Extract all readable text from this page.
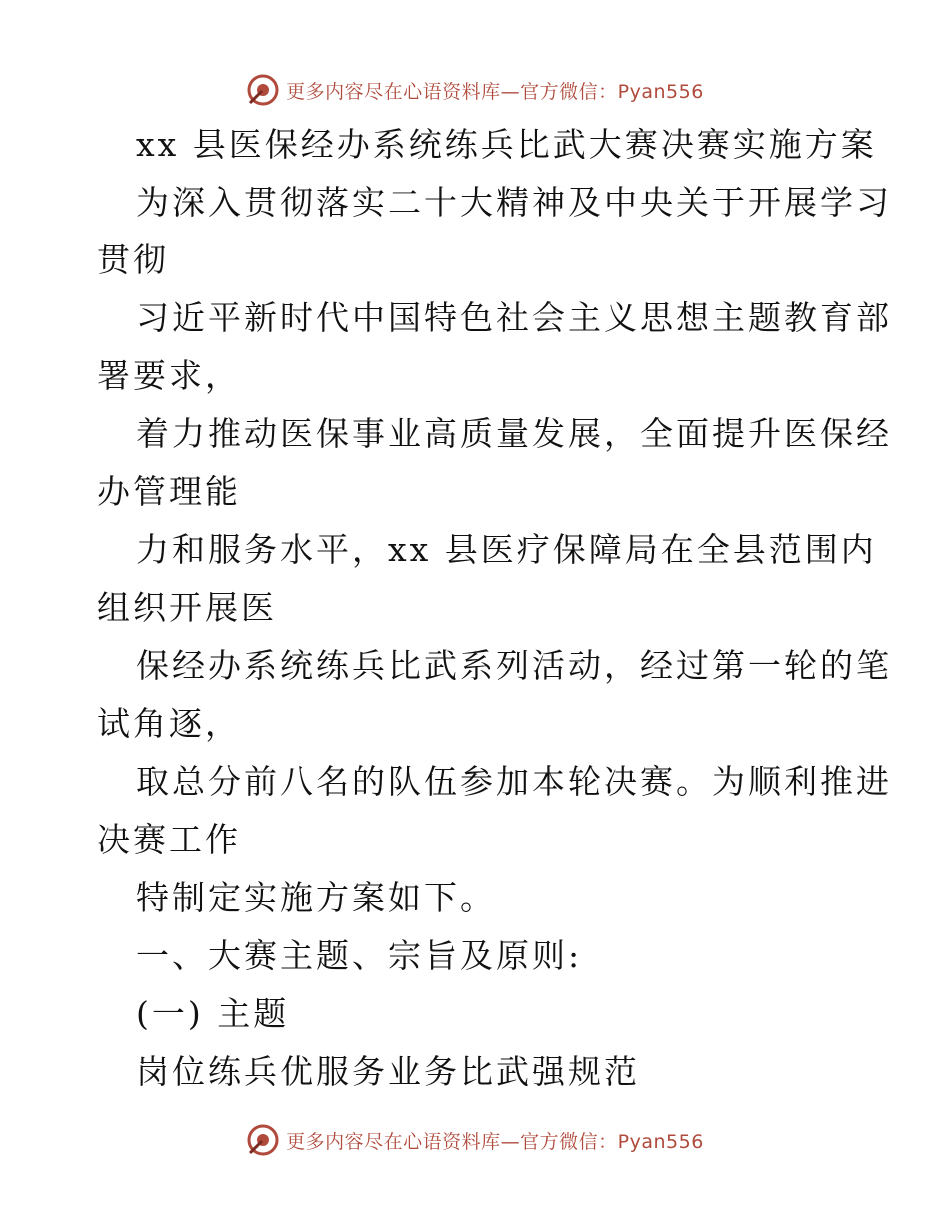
更多内容尽在心语资料库—官方微信：Pyan556
xx 县医保经办系统练兵比武大赛决赛实施方案
为深入贯彻落实二十大精神及中央关于开展学习
贯彻
习近平新时代中国特色社会主义思想主题教育部
署要求，
着力推动医保事业高质量发展，全面提升医保经
办管理能
力和服务水平，xx 县医疗保障局在全县范围内
组织开展医
保经办系统练兵比武系列活动，经过第一轮的笔
试角逐，
取总分前八名的队伍参加本轮决赛。为顺利推进
决赛工作
特制定实施方案如下。
一、大赛主题、宗旨及原则:
(一) 主题
岗位练兵优服务业务比武强规范
更多内容尽在心语资料库—官方微信：Pyan556
